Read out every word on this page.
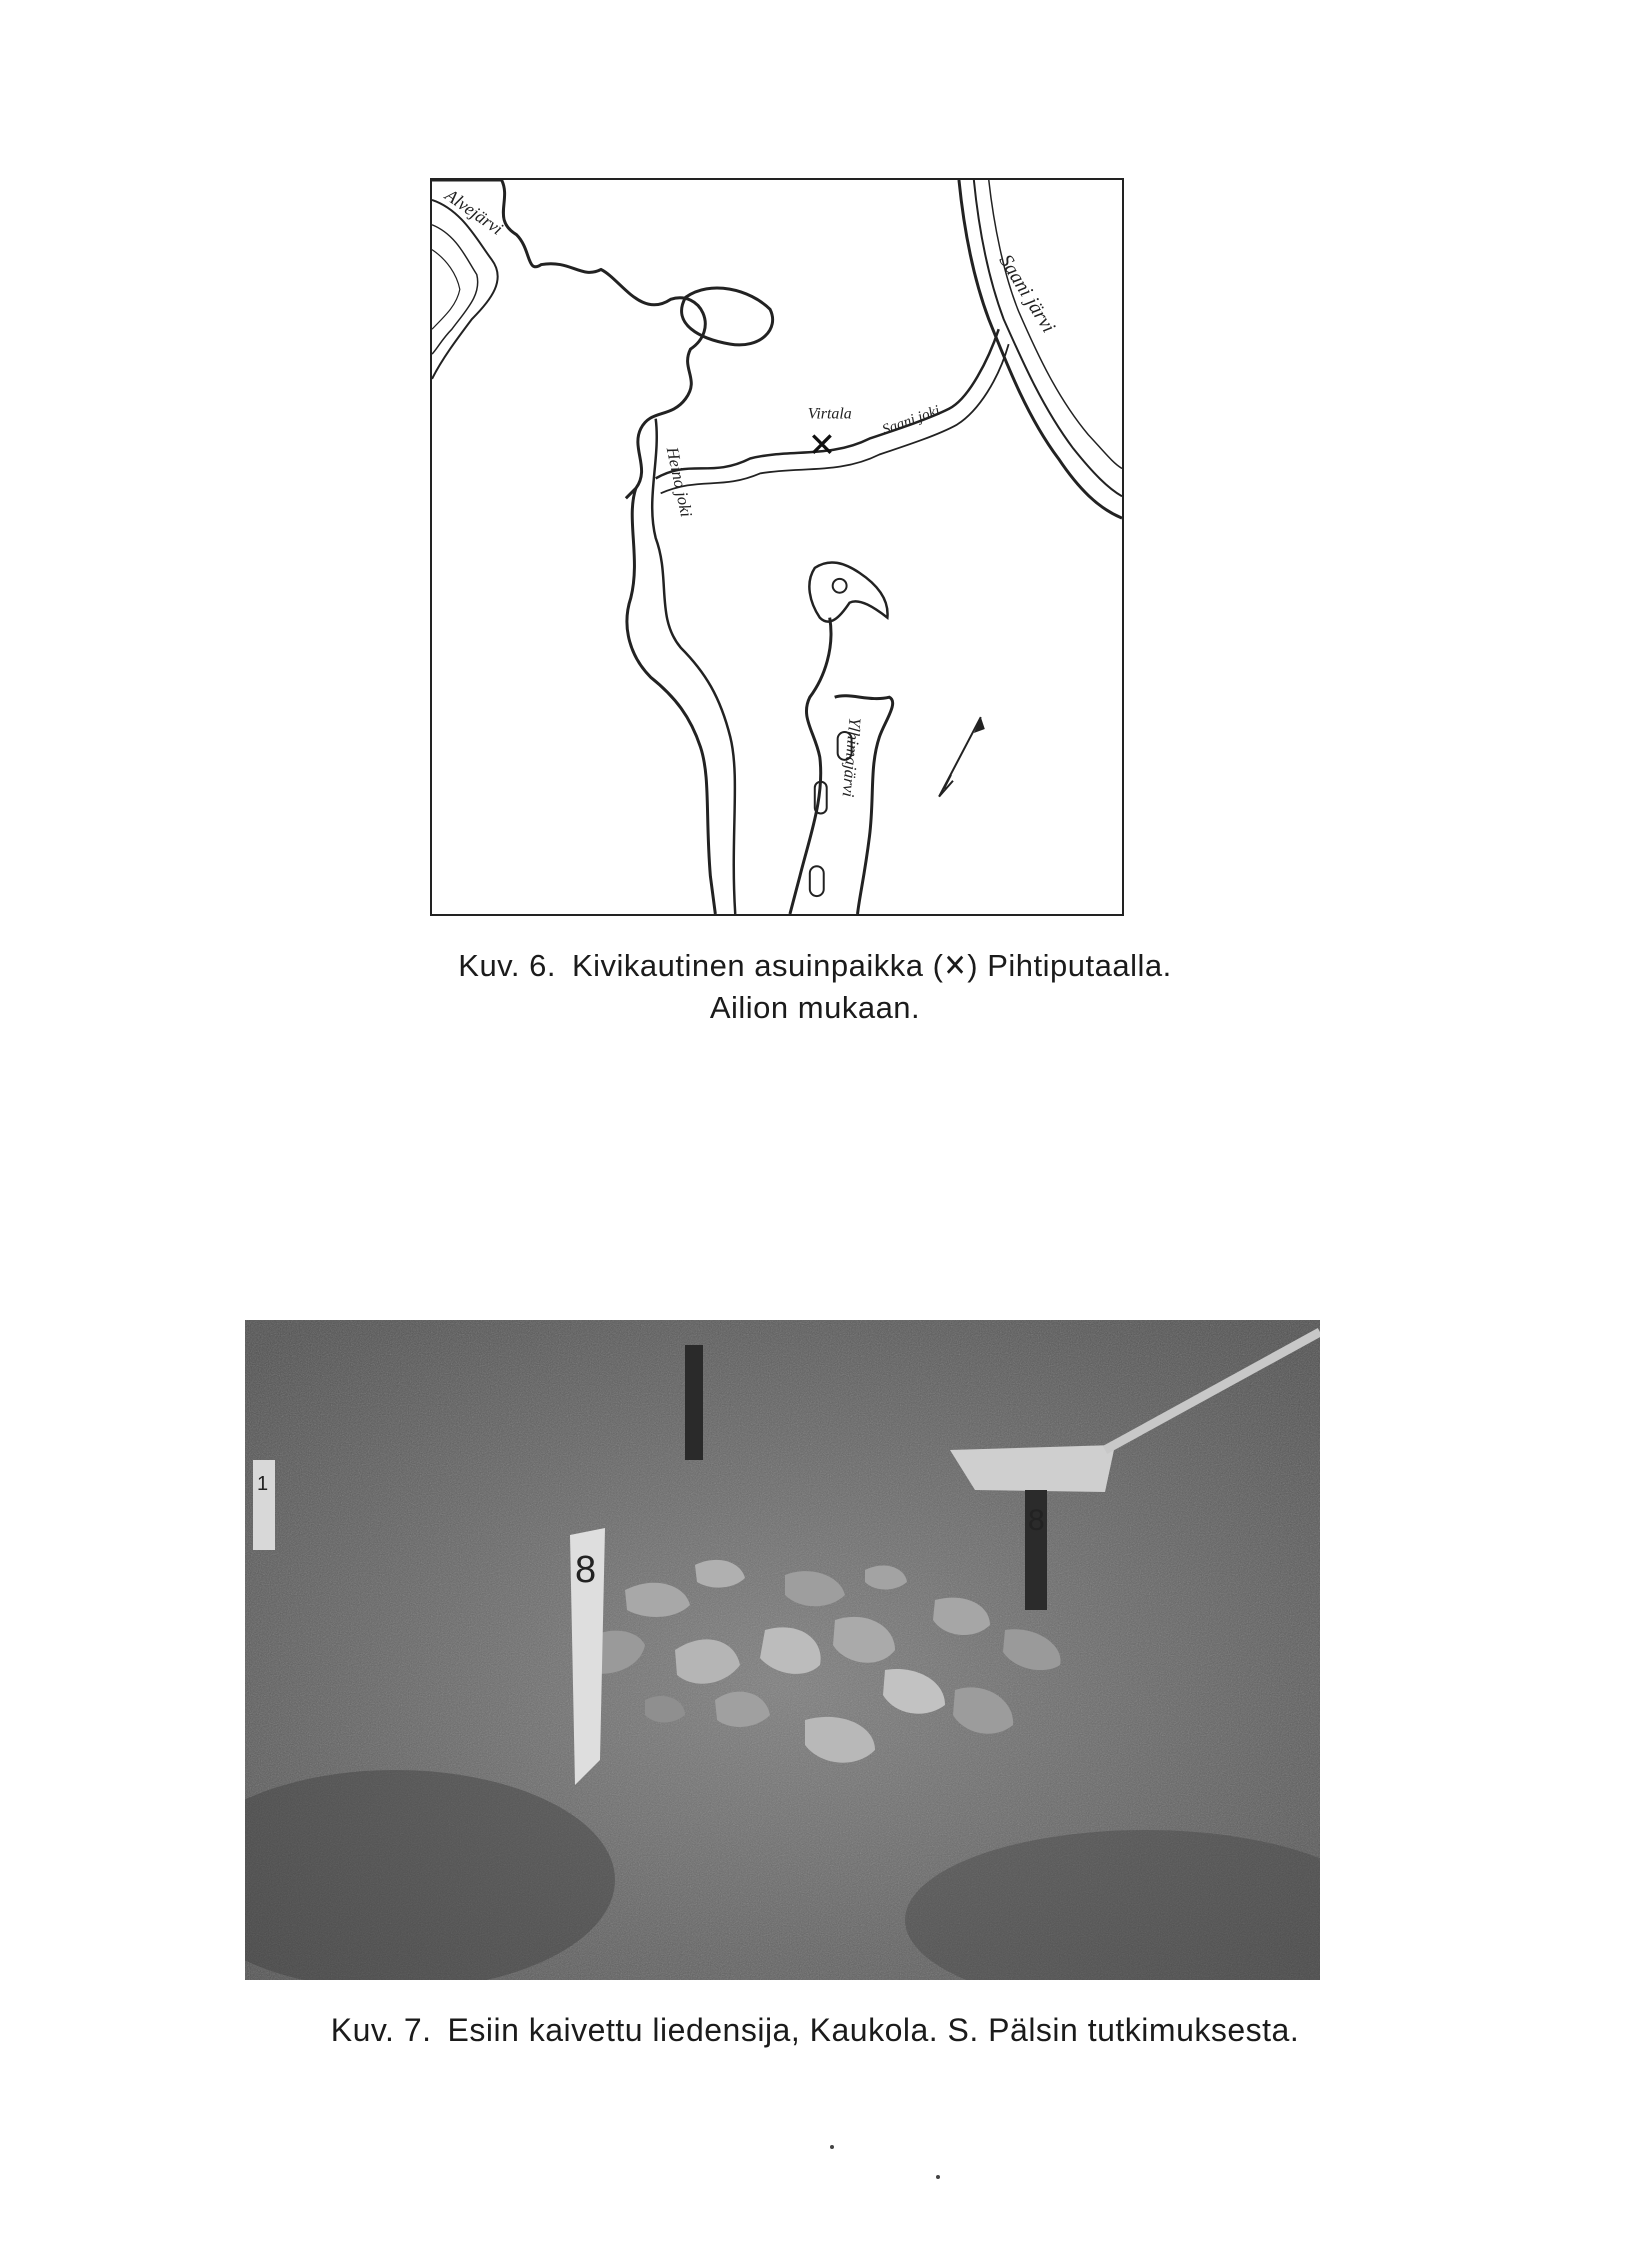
✕
Alvejärvi
Saani järvi
Virtala Saani joki
Heino joki
Ylhimajärvi
Kuv. 6. Kivikautinen asuinpaikka (✕) Pihtiputaalla.
Ailion mukaan.
1
8
8
Kuv. 7. Esiin kaivettu liedensija, Kaukola. S. Pälsin tutkimuksesta.
